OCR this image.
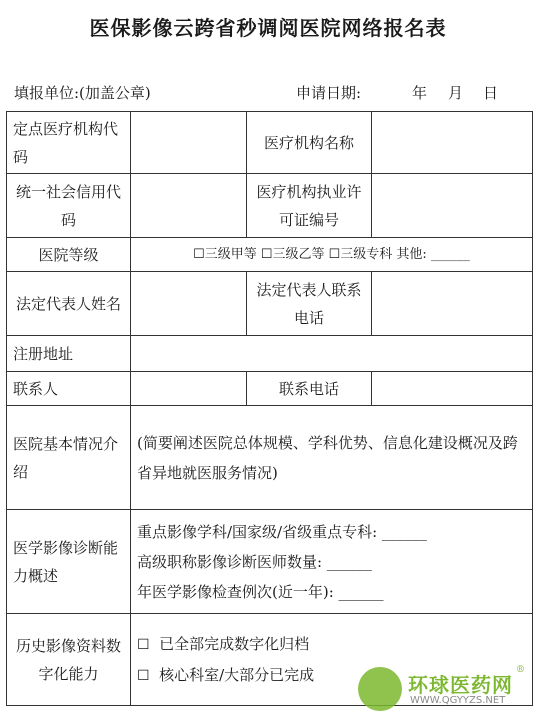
医保影像云跨省秒调阅医院网络报名表
填报单位:(加盖公章)	申请日期:	年 月 日
定点医疗机构代码		医疗机构名称	
统一社会信用代码		医疗机构执业许可证编号	
医院等级	☐三级甲等 ☐三级乙等 ☐三级专科 其他: ______		
法定代表人姓名		法定代表人联系电话	
注册地址			
联系人		联系电话	
医院基本情况介绍	(简要阐述医院总体规模、学科优势、信息化建设概况及跨省异地就医服务情况)		
医学影像诊断能力概述	重点影像学科/国家级/省级重点专科: ______
高级职称影像诊断医师数量: ______
年医学影像检查例次(近一年): ______		

历史影像资料数字化能力	☐ 已全部完成数字化归档
☐ 核心科室/大部分已完成			环球医药网
®
WWW.QGYYZS.NET
